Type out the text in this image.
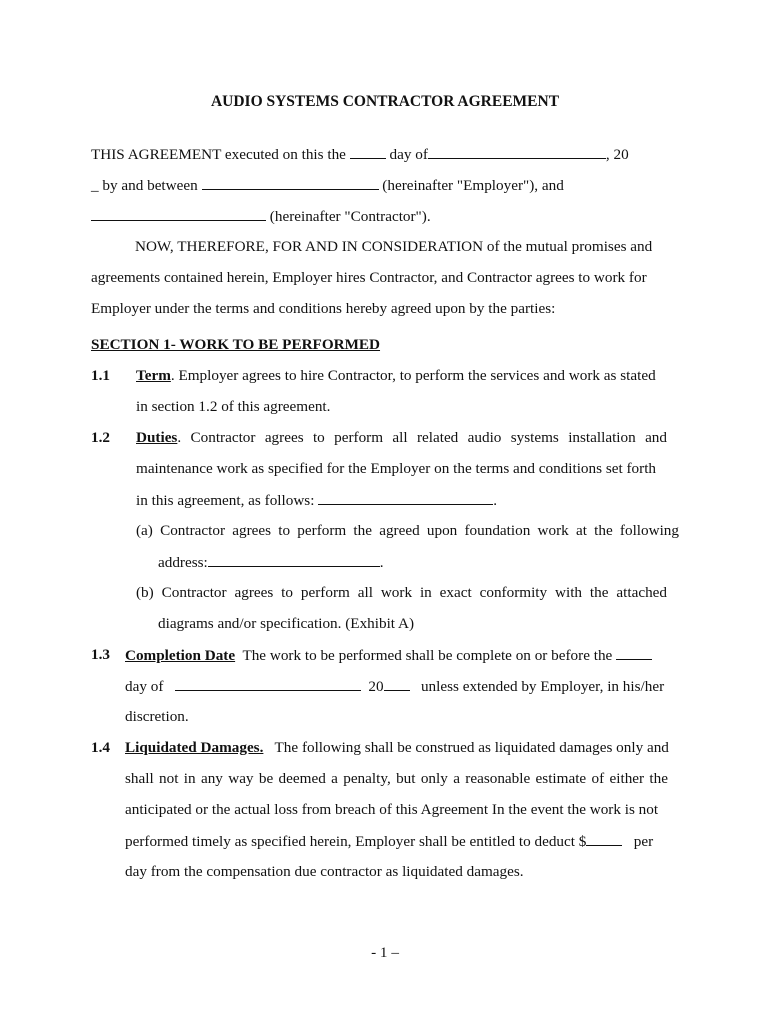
AUDIO SYSTEMS CONTRACTOR AGREEMENT
THIS AGREEMENT executed on this the	day of	, 20
_ by and between	(hereinafter "Employer"), and
(hereinafter "Contractor").
NOW, THEREFORE, FOR AND IN CONSIDERATION of the mutual promises and
agreements contained herein, Employer hires Contractor, and Contractor agrees to work for
Employer under the terms and conditions hereby agreed upon by the parties:
SECTION 1- WORK TO BE PERFORMED
1.1 Term. Employer agrees to hire Contractor, to perform the services and work as stated
in section 1.2 of this agreement.
1.2 Duties. Contractor agrees to perform all related audio systems installation and
maintenance work as specified for the Employer on the terms and conditions set forth
in this agreement, as follows:	.
(a) Contractor agrees to perform the agreed upon foundation work at the following
address:	.
(b) Contractor agrees to perform all work in exact conformity with the attached
diagrams and/or specification. (Exhibit A)
1.3 Completion Date The work to be performed shall be complete on or before the
day of	20 unless extended by Employer, in his/her
discretion.
1.4 Liquidated Damages. The following shall be construed as liquidated damages only and
shall not in any way be deemed a penalty, but only a reasonable estimate of either the
anticipated or the actual loss from breach of this Agreement In the event the work is not
performed timely as specified herein, Employer shall be entitled to deduct $	per
day from the compensation due contractor as liquidated damages.
- 1 –
